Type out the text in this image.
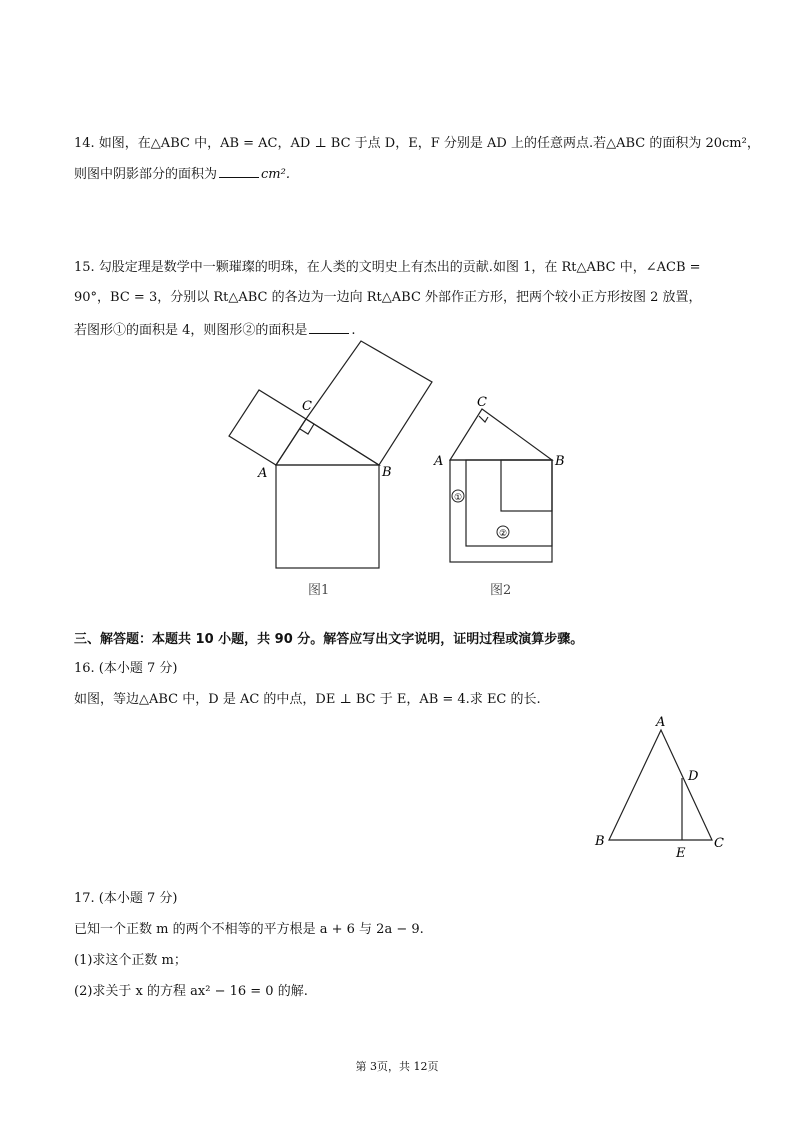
14. 如图，在△ABC 中，AB = AC，AD ⊥ BC 于点 D，E，F 分别是 AD 上的任意两点.若△ABC 的面积为 20cm²，
则图中阴影部分的面积为	cm².
15. 勾股定理是数学中一颗璀璨的明珠，在人类的文明史上有杰出的贡献.如图 1，在 Rt△ABC 中，∠ACB =
90°，BC = 3，分别以 Rt△ABC 的各边为一边向 Rt△ABC 外部作正方形，把两个较小正方形按图 2 放置，
若图形①的面积是 4，则图形②的面积是	.
A	B
C
图1
①
②
A	B
C
图2
三、解答题：本题共 10 小题，共 90 分。解答应写出文字说明，证明过程或演算步骤。
16. (本小题 7 分)
如图，等边△ABC 中，D 是 AC 的中点，DE ⊥ BC 于 E，AB = 4.求 EC 的长.
A
B	C
D
E
17. (本小题 7 分)
已知一个正数 m 的两个不相等的平方根是 a + 6 与 2a − 9.
(1)求这个正数 m；
(2)求关于 x 的方程 ax² − 16 = 0 的解.
第 3页，共 12页
